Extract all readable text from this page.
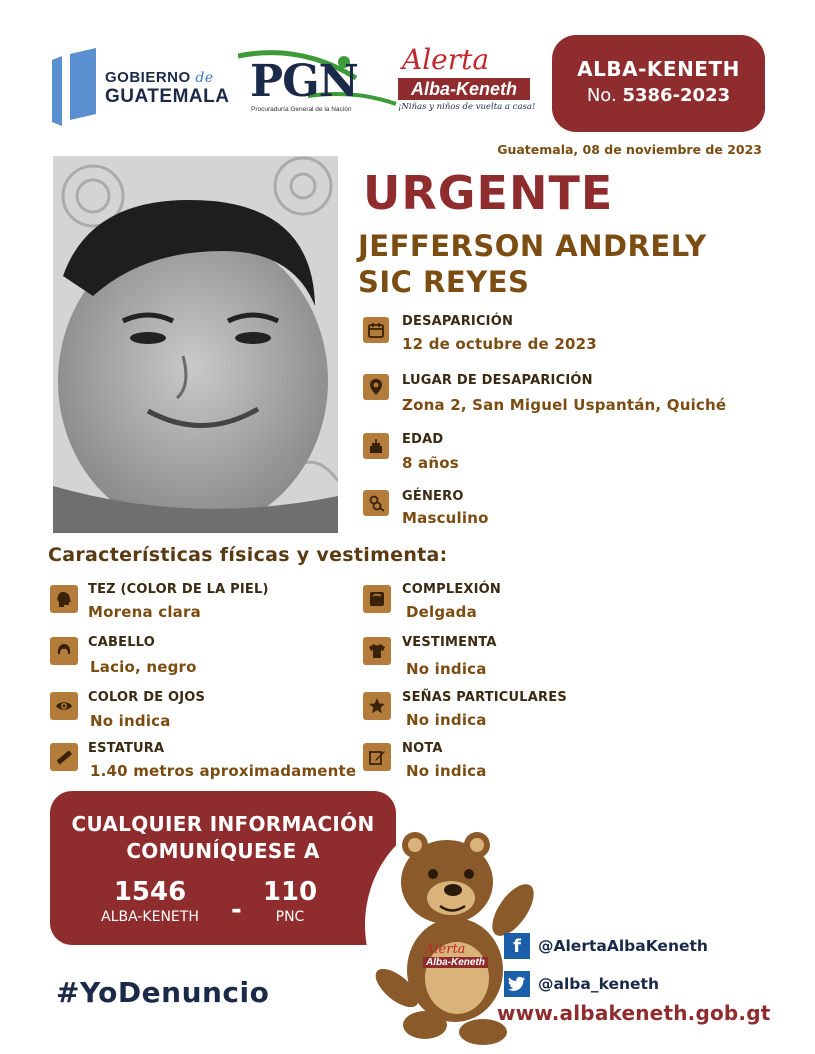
GOBIERNO de
GUATEMALA PGN
Procuraduría General de la Nación
Alerta
Alba-Keneth
¡Niñas y niños de vuelta a casa!
ALBA-KENETH
No. 5386-2023
Guatemala, 08 de noviembre de 2023
URGENTE
JEFFERSON ANDRELY
SIC REYES
DESAPARICIÓN
12 de octubre de 2023
LUGAR DE DESAPARICIÓN
Zona 2, San Miguel Uspantán, Quiché
EDAD
8 años
GÉNERO
Masculino
Características físicas y vestimenta:
TEZ (COLOR DE LA PIEL)
Morena clara
CABELLO
Lacio, negro
COLOR DE OJOS
No indica
ESTATURA
1.40 metros aproximadamente
COMPLEXIÓN
Delgada
VESTIMENTA
No indica
SEÑAS PARTICULARES
No indica
NOTA
No indica
CUALQUIER INFORMACIÓN
COMUNÍQUESE A
1546
ALBA-KENETH	-
110
PNC
#YoDenuncio
Alerta
Alba-Keneth
f	@AlertaAlbaKeneth
@alba_keneth
www.albakeneth.gob.gt
